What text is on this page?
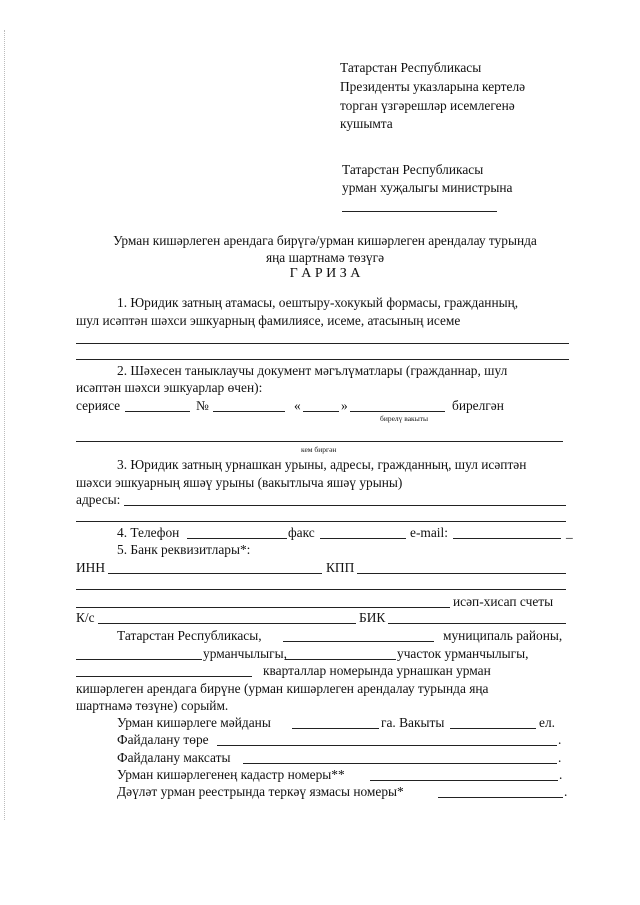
Татарстан Республикасы
Президенты указларына кертелә
торган үзгәрешләр исемлегенә
кушымта
Татарстан Республикасы
урман хуҗалыгы министрына
Урман кишәрлеген арендага бирүгә/урман кишәрлеген арендалау турында
яңа шартнамә төзүгә
Г А Р И З А
1. Юридик затның атамасы, оештыру-хокукый формасы, гражданның,
шул исәптән шәхси эшкуарның фамилиясе, исеме, атасының исеме
2. Шәхесен таныклаучы документ мәгълүматлары (гражданнар, шул
исәптән шәхси эшкуарлар өчен):
сериясе	№	«	»	бирелгән
бирелү вакыты
кем биргән
3. Юридик затның урнашкан урыны, адресы, гражданның, шул исәптән
шәхси эшкуарның яшәү урыны (вакытлыча яшәү урыны)
адресы:
4. Телефон	факс	e-mail:	_
5. Банк реквизитлары*:
ИНН	КПП
исәп-хисап счеты
К/с	БИК
Татарстан Республикасы,	муниципаль районы,
урманчылыгы,	участок урманчылыгы,
кварталлар номерында урнашкан урман
кишәрлеген арендага бирүне (урман кишәрлеген арендалау турында яңа
шартнамә төзүне) сорыйм.
Урман кишәрлеге мәйданы	га. Вакыты	ел.
Файдалану төре	.
Файдалану максаты	.
Урман кишәрлегенең кадастр номеры**	.
Дәүләт урман реестрында теркәү язмасы номеры*	.
